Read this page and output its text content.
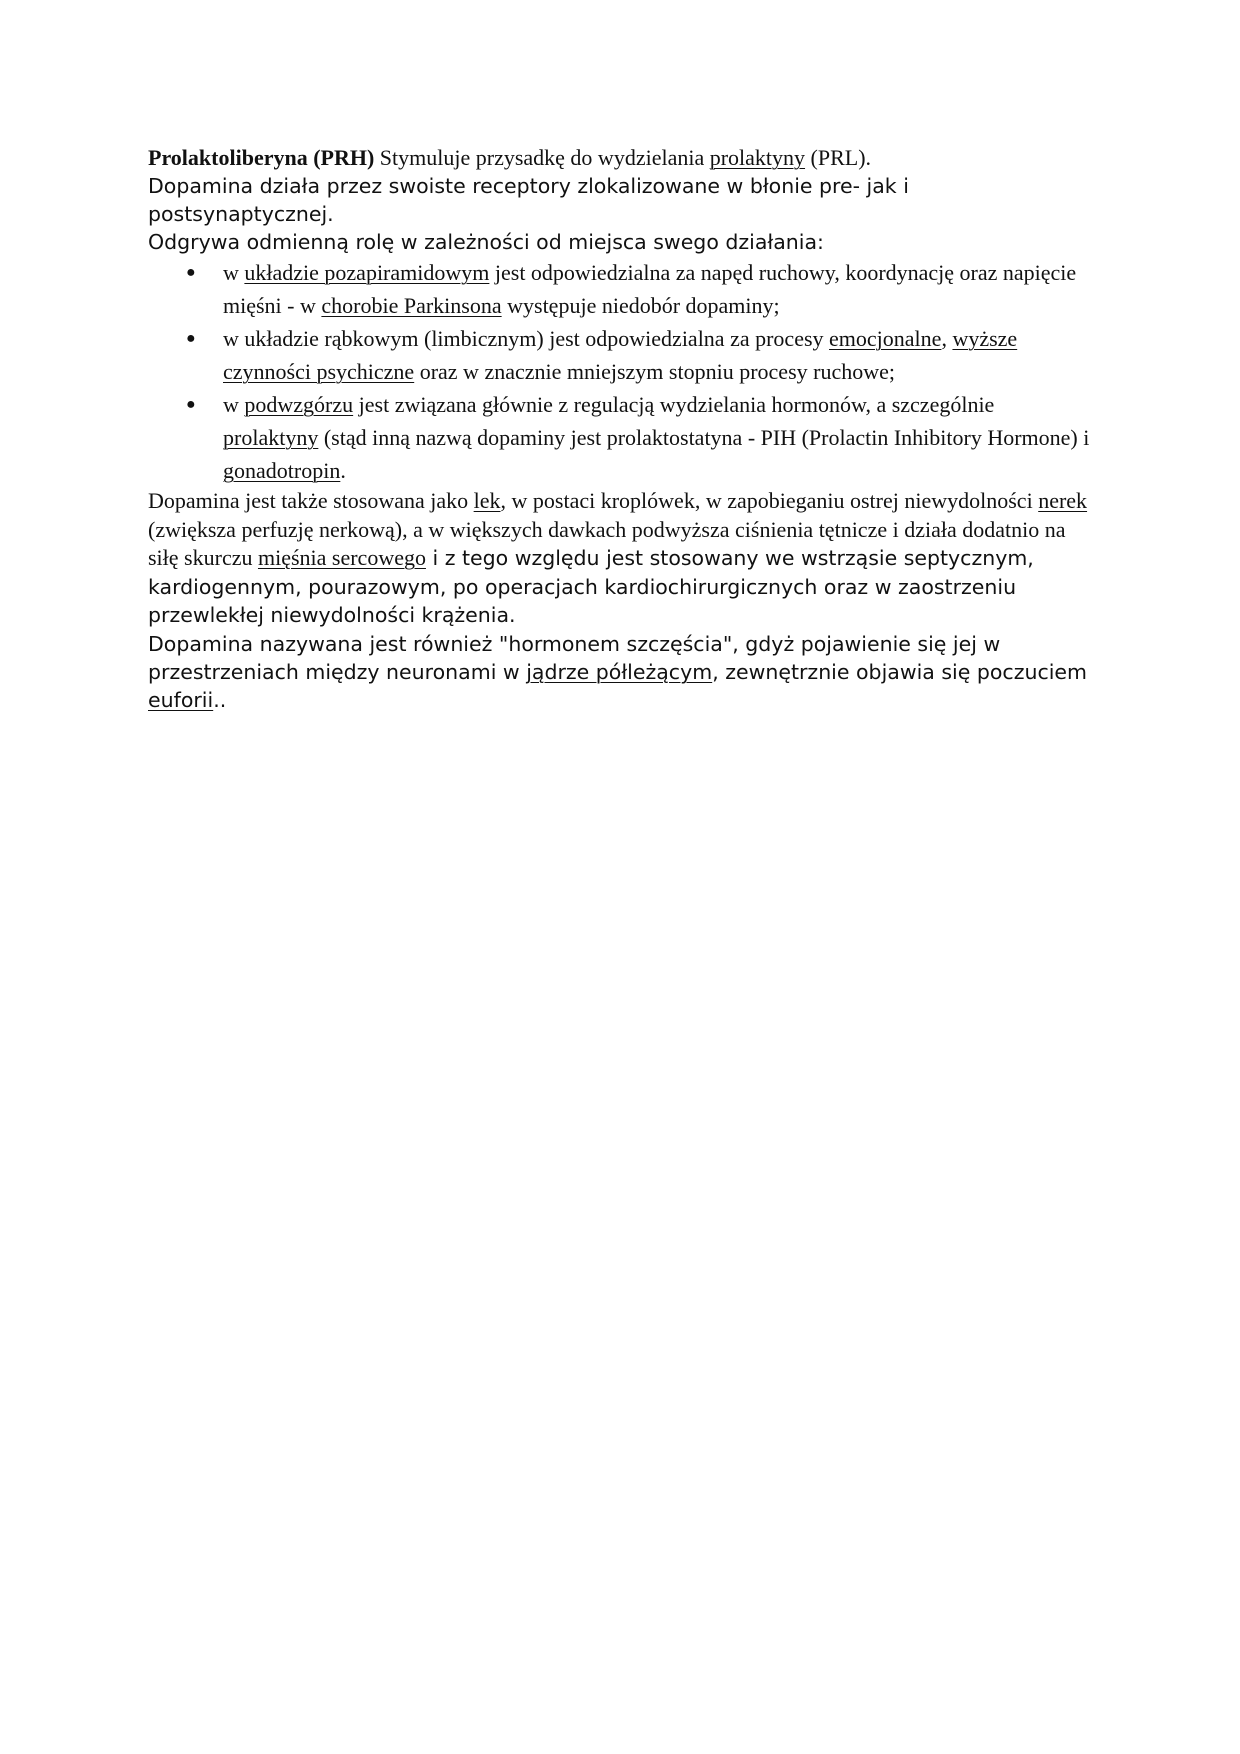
Prolaktoliberyna (PRH) Stymuluje przysadkę do wydzielania prolaktyny (PRL).

Dopamina działa przez swoiste receptory zlokalizowane w błonie pre- jak i postsynaptycznej.

Odgrywa odmienną rolę w zależności od miejsca swego działania:

● w układzie pozapiramidowym jest odpowiedzialna za napęd ruchowy, koordynację oraz napięcie mięśni - w chorobie Parkinsona występuje niedobór dopaminy;
● w układzie rąbkowym (limbicznym) jest odpowiedzialna za procesy emocjonalne, wyższe czynności psychiczne oraz w znacznie mniejszym stopniu procesy ruchowe;
● w podwzgórzu jest związana głównie z regulacją wydzielania hormonów, a szczególnie prolaktyny (stąd inną nazwą dopaminy jest prolaktostatyna - PIH (Prolactin Inhibitory Hormone) i gonadotropin.

Dopamina jest także stosowana jako lek, w postaci kroplówek, w zapobieganiu ostrej niewydolności nerek (zwiększa perfuzję nerkową), a w większych dawkach podwyższa ciśnienia tętnicze i działa dodatnio na siłę skurczu mięśnia sercowego i z tego względu jest stosowany we wstrząsie septycznym, kardiogennym, pourazowym, po operacjach kardiochirurgicznych oraz w zaostrzeniu przewlekłej niewydolności krążenia.

Dopamina nazywana jest również "hormonem szczęścia", gdyż pojawienie się jej w przestrzeniach między neuronami w jądrze półleżącym, zewnętrznie objawia się poczuciem euforii..
